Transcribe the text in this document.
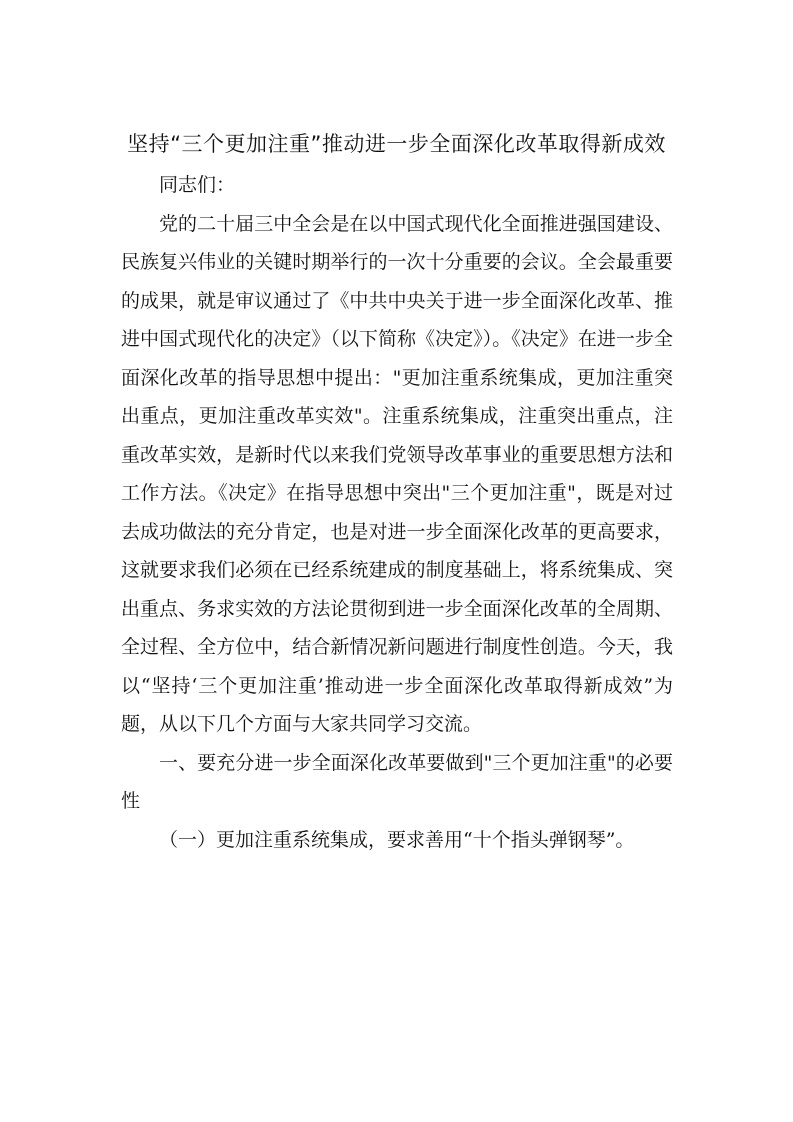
坚持“三个更加注重”推动进一步全面深化改革取得新成效

同志们：

党的二十届三中全会是在以中国式现代化全面推进强国建设、民族复兴伟业的关键时期举行的一次十分重要的会议。全会最重要的成果，就是审议通过了《中共中央关于进一步全面深化改革、推进中国式现代化的决定》（以下简称《决定》）。《决定》在进一步全面深化改革的指导思想中提出："更加注重系统集成，更加注重突出重点，更加注重改革实效"。注重系统集成，注重突出重点，注重改革实效，是新时代以来我们党领导改革事业的重要思想方法和工作方法。《决定》在指导思想中突出"三个更加注重"，既是对过去成功做法的充分肯定，也是对进一步全面深化改革的更高要求，这就要求我们必须在已经系统建成的制度基础上，将系统集成、突出重点、务求实效的方法论贯彻到进一步全面深化改革的全周期、全过程、全方位中，结合新情况新问题进行制度性创造。今天，我以“坚持‘三个更加注重’推动进一步全面深化改革取得新成效”为题，从以下几个方面与大家共同学习交流。

一、要充分进一步全面深化改革要做到"三个更加注重"的必要性

（一）更加注重系统集成，要求善用“十个指头弹钢琴”。
